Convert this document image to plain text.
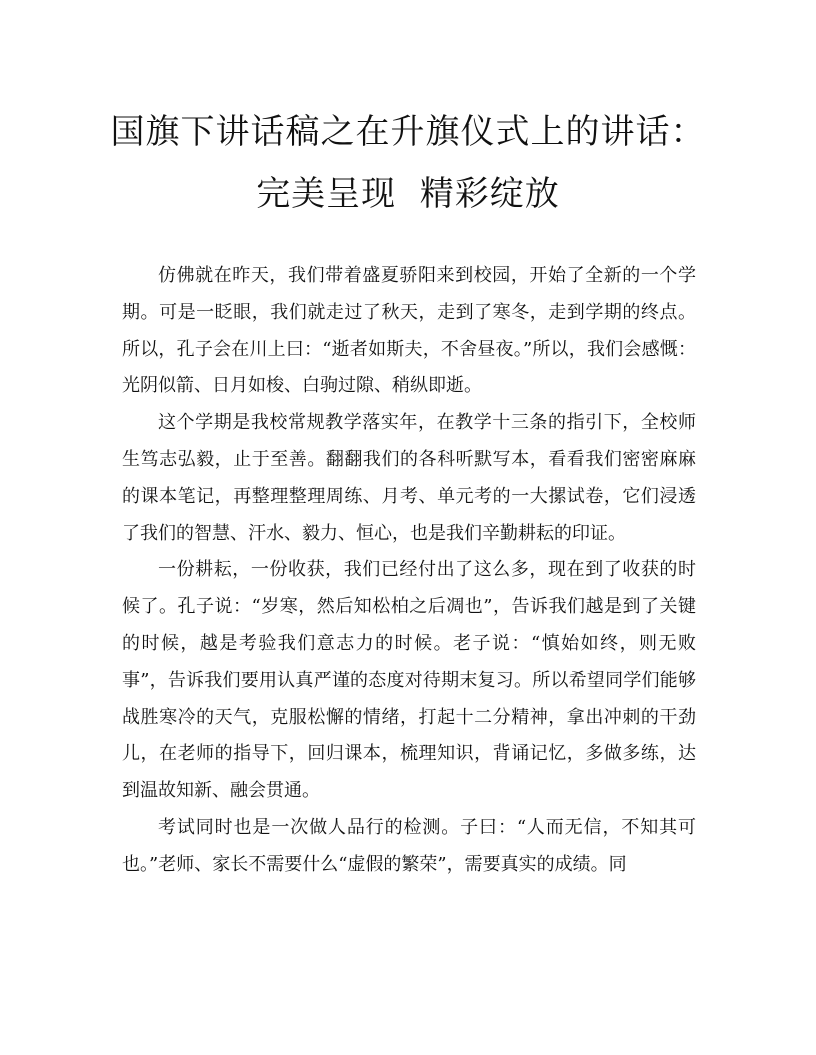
国旗下讲话稿之在升旗仪式上的讲话：
完美呈现  精彩绽放

仿佛就在昨天，我们带着盛夏骄阳来到校园，开始了全新的一个学期。可是一眨眼，我们就走过了秋天，走到了寒冬，走到学期的终点。所以，孔子会在川上曰：“逝者如斯夫，不舍昼夜。”所以，我们会感慨：光阴似箭、日月如梭、白驹过隙、稍纵即逝。

这个学期是我校常规教学落实年，在教学十三条的指引下，全校师生笃志弘毅，止于至善。翻翻我们的各科听默写本，看看我们密密麻麻的课本笔记，再整理整理周练、月考、单元考的一大摞试卷，它们浸透了我们的智慧、汗水、毅力、恒心，也是我们辛勤耕耘的印证。

一份耕耘，一份收获，我们已经付出了这么多，现在到了收获的时候了。孔子说：“岁寒，然后知松柏之后凋也”，告诉我们越是到了关键的时候，越是考验我们意志力的时候。老子说：“慎始如终，则无败事”，告诉我们要用认真严谨的态度对待期末复习。所以希望同学们能够战胜寒冷的天气，克服松懈的情绪，打起十二分精神，拿出冲刺的干劲儿，在老师的指导下，回归课本，梳理知识，背诵记忆，多做多练，达到温故知新、融会贯通。

考试同时也是一次做人品行的检测。子曰：“人而无信，不知其可也。”老师、家长不需要什么“虚假的繁荣”，需要真实的成绩。同
